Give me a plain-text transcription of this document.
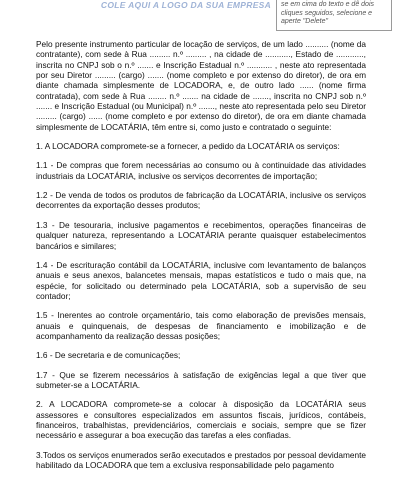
COLE AQUI A LOGO DA SUA EMPRESA	se em cima do texto e dê dois cliques seguidos, selecione e aperte "Delete"

Pelo presente instrumento particular de locação de serviços, de um lado .......... (nome da contratante), com sede à Rua ......... n.º ......... , na cidade de ..........., Estado de ............, inscrita no CNPJ sob o n.º ....... e Inscrição Estadual n.º ........... , neste ato representada por seu Diretor ......... (cargo) ....... (nome completo e por extenso do diretor), de ora em diante chamada simplesmente de LOCADORA, e, de outro lado ...... (nome firma contratada), com sede à Rua ........ n.º ....... na cidade de ......., inscrita no CNPJ sob n.º ....... e Inscrição Estadual (ou Municipal) n.º ......., neste ato representada pelo seu Diretor ......... (cargo) ...... (nome completo e por extenso do diretor), de ora em diante chamada simplesmente de LOCATÁRIA, têm entre si, como justo e contratado o seguinte:

1. A LOCADORA compromete-se a fornecer, a pedido da LOCATÁRIA os serviços:

1.1 - De compras que forem necessárias ao consumo ou à continuidade das atividades industriais da LOCATÁRIA, inclusive os serviços decorrentes de importação;

1.2 - De venda de todos os produtos de fabricação da LOCATÁRIA, inclusive os serviços decorrentes da exportação desses produtos;

1.3 - De tesouraria, inclusive pagamentos e recebimentos, operações financeiras de qualquer natureza, representando a LOCATÁRIA perante quaisquer estabelecimentos bancários e similares;

1.4 - De escrituração contábil da LOCATÁRIA, inclusive com levantamento de balanços anuais e seus anexos, balancetes mensais, mapas estatísticos e tudo o mais que, na espécie, for solicitado ou determinado pela LOCATÁRIA, sob a supervisão de seu contador;

1.5 - Inerentes ao controle orçamentário, tais como elaboração de previsões mensais, anuais e quinquenais, de despesas de financiamento e imobilização e de acompanhamento da realização dessas posições;

1.6 - De secretaria e de comunicações;

1.7 - Que se fizerem necessários à satisfação de exigências legal a que tiver que submeter-se a LOCATÁRIA.

2. A LOCADORA compromete-se a colocar à disposição da LOCATÁRIA seus assessores e consultores especializados em assuntos fiscais, jurídicos, contábeis, financeiros, trabalhistas, previdenciários, comerciais e sociais, sempre que se fizer necessário e assegurar a boa execução das tarefas a eles confiadas.

3.Todos os serviços enumerados serão executados e prestados por pessoal devidamente habilitado da LOCADORA que tem a exclusiva responsabilidade pelo pagamento
